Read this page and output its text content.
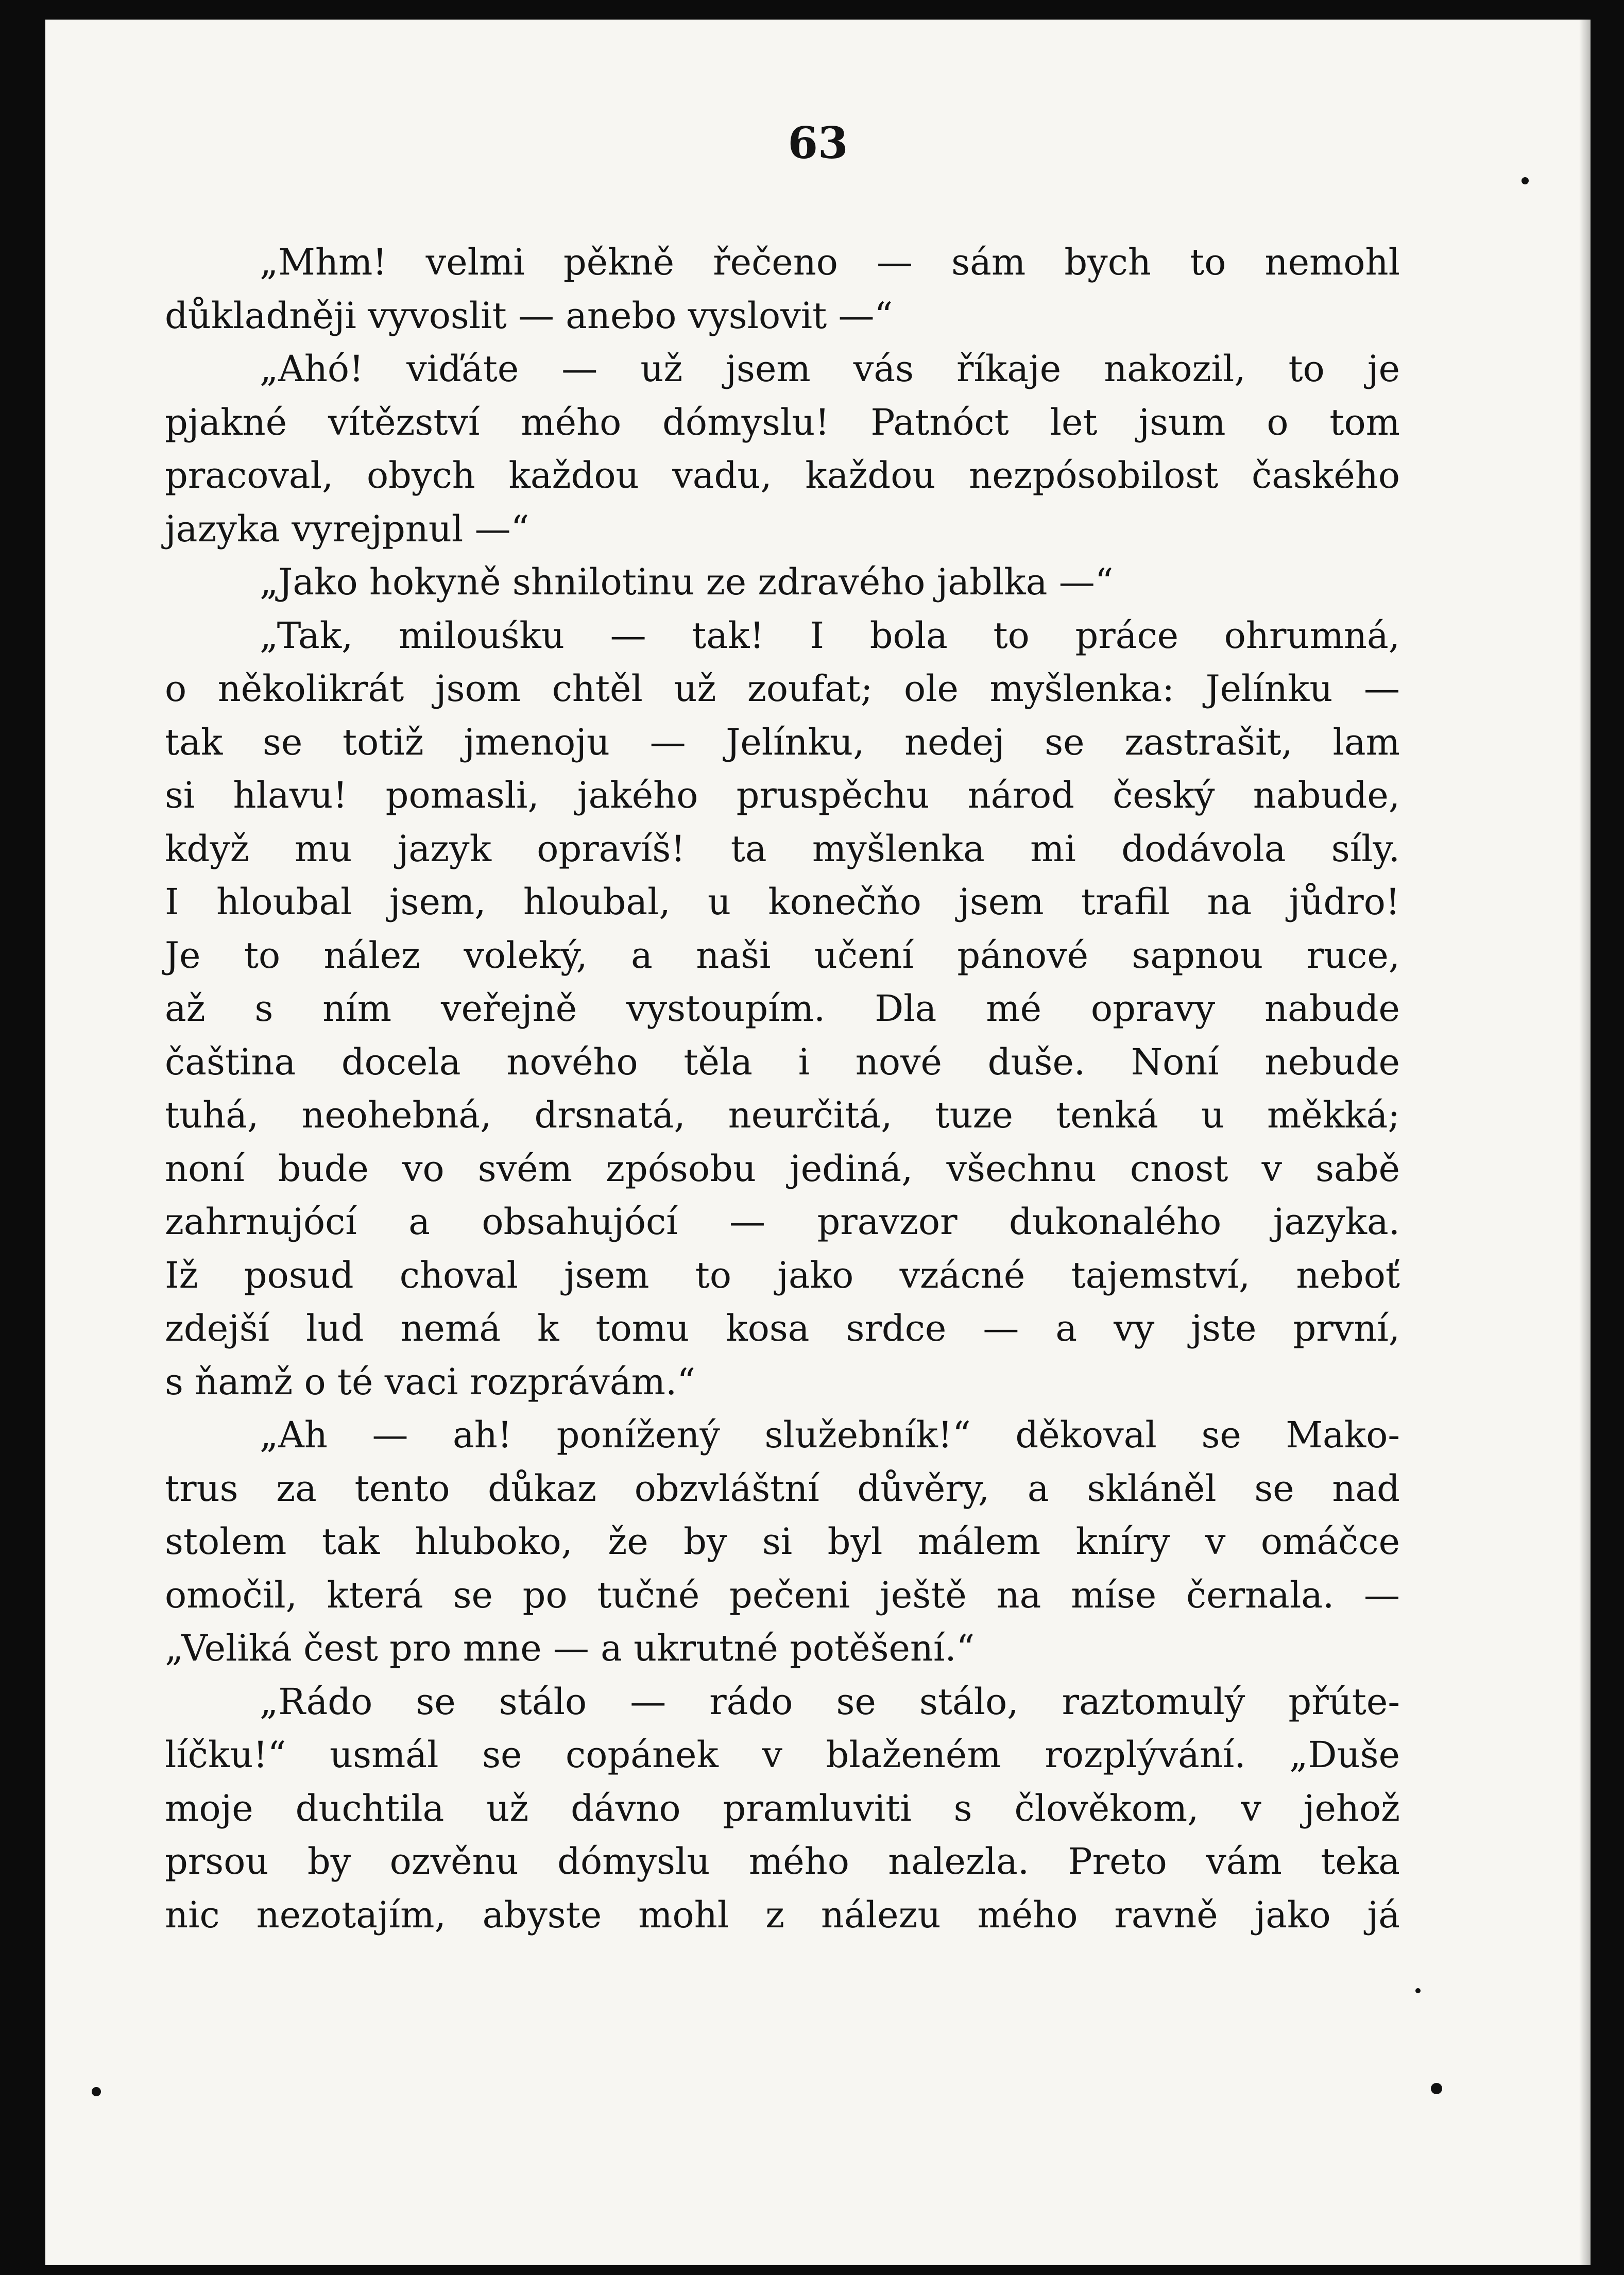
63

„Mhm! velmi pěkně řečeno — sám bych to nemohl
důkladněji vyvoslit — anebo vyslovit —“
„Ahó! viďáte — už jsem vás říkaje nakozil, to je
pjakné vítězství mého dómyslu! Patnóct let jsum o tom
pracoval, obych každou vadu, každou nezpósobilost čaského
jazyka vyrejpnul —“
„Jako hokyně shnilotinu ze zdravého jablka —“
„Tak, milouśku — tak! I bola to práce ohrumná,
o několikrát jsom chtěl už zoufat; ole myšlenka: Jelínku —
tak se totiž jmenoju — Jelínku, nedej se zastrašit, lam
si hlavu! pomasli, jakého pruspěchu národ český nabude,
když mu jazyk opravíš! ta myšlenka mi dodávola síly.
I hloubal jsem, hloubal, u konečňo jsem trafil na jůdro!
Je to nález voleký, a naši učení pánové sapnou ruce,
až s ním veřejně vystoupím. Dla mé opravy nabude
čaština docela nového těla i nové duše. Noní nebude
tuhá, neohebná, drsnatá, neurčitá, tuze tenká u měkká;
noní bude vo svém zpósobu jediná, všechnu cnost v sabě
zahrnujócí a obsahujócí — pravzor dukonalého jazyka.
Iž posud choval jsem to jako vzácné tajemství, neboť
zdejší lud nemá k tomu kosa srdce — a vy jste první,
s ňamž o té vaci rozprávám.“
„Ah — ah! ponížený služebník!“ děkoval se Mako-
trus za tento důkaz obzvláštní důvěry, a skláněl se nad
stolem tak hluboko, že by si byl málem kníry v omáčce
omočil, která se po tučné pečeni ještě na míse černala. —
„Veliká čest pro mne — a ukrutné potěšení.“
„Rádo se stálo — rádo se stálo, raztomulý přúte-
líčku!“ usmál se copánek v blaženém rozplývání. „Duše
moje duchtila už dávno pramluviti s člověkom, v jehož
prsou by ozvěnu dómyslu mého nalezla. Preto vám teka
nic nezotajím, abyste mohl z nálezu mého ravně jako já
